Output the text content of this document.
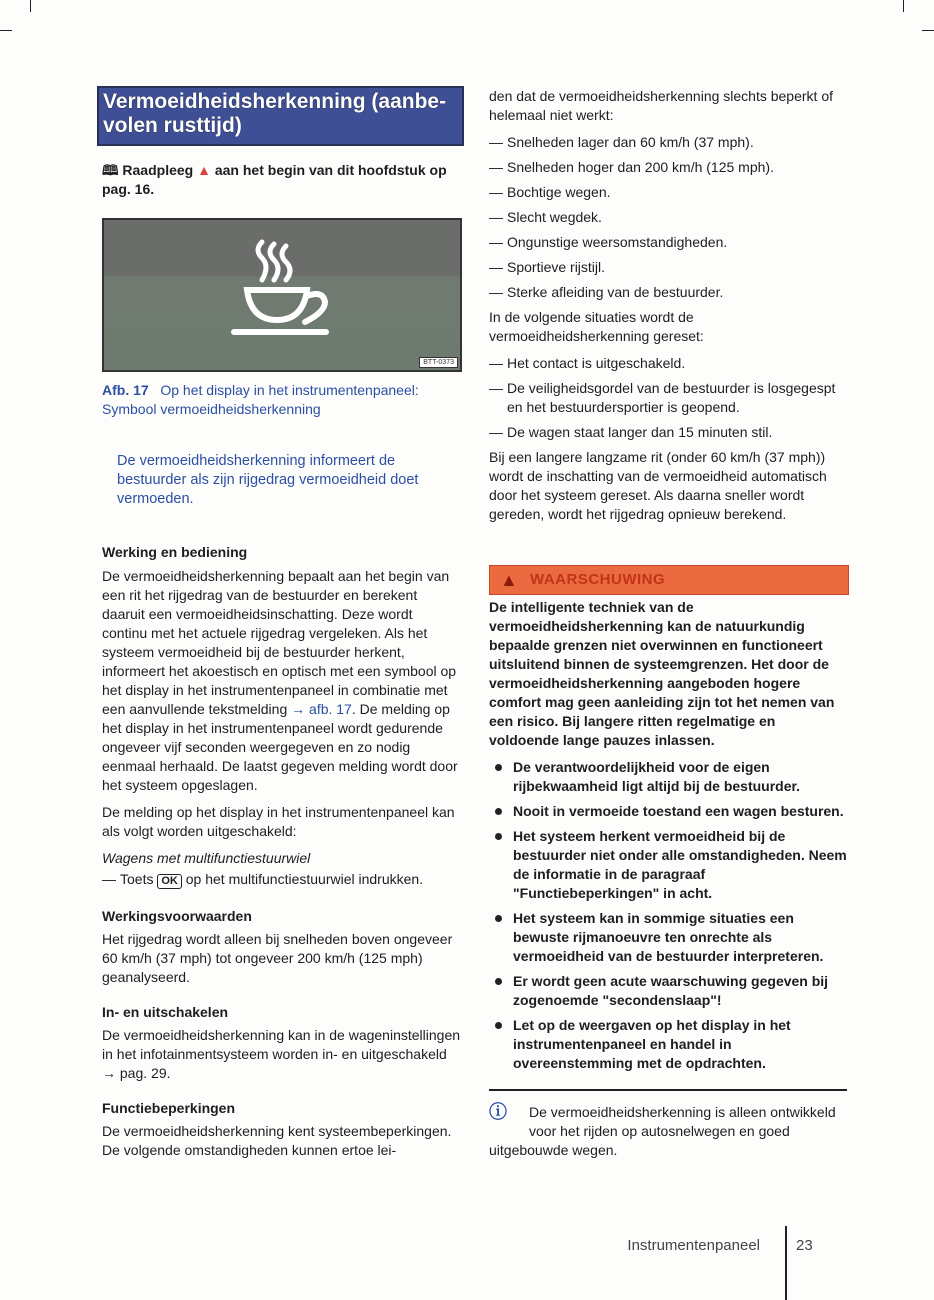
Vermoeidheidsherkenning (aanbe-
volen rusttijd)
🕮 Raadpleeg ▲ aan het begin van dit hoofdstuk op pag. 16.
BTT-0373
Afb. 17 Op het display in het instrumentenpaneel: Symbool vermoeidheidsherkenning
De vermoeidheidsherkenning informeert de bestuurder als zijn rijgedrag vermoeidheid doet vermoeden.
Werking en bediening
De vermoeidheidsherkenning bepaalt aan het begin van een rit het rijgedrag van de bestuurder en berekent daaruit een vermoeidheidsinschatting. Deze wordt continu met het actuele rijgedrag vergeleken. Als het systeem vermoeidheid bij de bestuurder herkent, informeert het akoestisch en optisch met een symbool op het display in het instrumentenpaneel in combinatie met een aanvullende tekstmelding → afb. 17. De melding op het display in het instrumentenpaneel wordt gedurende ongeveer vijf seconden weergegeven en zo nodig eenmaal herhaald. De laatst gegeven melding wordt door het systeem opgeslagen.
De melding op het display in het instrumentenpaneel kan als volgt worden uitgeschakeld:
Wagens met multifunctiestuurwiel
— Toets OK op het multifunctiestuurwiel indrukken.
Werkingsvoorwaarden
Het rijgedrag wordt alleen bij snelheden boven ongeveer 60 km/h (37 mph) tot ongeveer 200 km/h (125 mph) geanalyseerd.
In- en uitschakelen
De vermoeidheidsherkenning kan in de wageninstellingen in het infotainmentsysteem worden in- en uitgeschakeld → pag. 29.
Functiebeperkingen
De vermoeidheidsherkenning kent systeembeperkingen. De volgende omstandigheden kunnen ertoe lei-
den dat de vermoeidheidsherkenning slechts beperkt of helemaal niet werkt:
— Snelheden lager dan 60 km/h (37 mph).
— Snelheden hoger dan 200 km/h (125 mph).
— Bochtige wegen.
— Slecht wegdek.
— Ongunstige weersomstandigheden.
— Sportieve rijstijl.
— Sterke afleiding van de bestuurder.
In de volgende situaties wordt de vermoeidheidsherkenning gereset:
— Het contact is uitgeschakeld.
— De veiligheidsgordel van de bestuurder is losgegespt en het bestuurdersportier is geopend.
— De wagen staat langer dan 15 minuten stil.
Bij een langere langzame rit (onder 60 km/h (37 mph)) wordt de inschatting van de vermoeidheid automatisch door het systeem gereset. Als daarna sneller wordt gereden, wordt het rijgedrag opnieuw berekend.
▲ WAARSCHUWING
De intelligente techniek van de vermoeidheidsherkenning kan de natuurkundig bepaalde grenzen niet overwinnen en functioneert uitsluitend binnen de systeemgrenzen. Het door de vermoeidheidsherkenning aangeboden hogere comfort mag geen aanleiding zijn tot het nemen van een risico. Bij langere ritten regelmatige en voldoende lange pauzes inlassen.
De verantwoordelijkheid voor de eigen rijbekwaamheid ligt altijd bij de bestuurder.
Nooit in vermoeide toestand een wagen besturen.
Het systeem herkent vermoeidheid bij de bestuurder niet onder alle omstandigheden. Neem de informatie in de paragraaf "Functiebeperkingen" in acht.
Het systeem kan in sommige situaties een bewuste rijmanoeuvre ten onrechte als vermoeidheid van de bestuurder interpreteren.
Er wordt geen acute waarschuwing gegeven bij zogenoemde "secondenslaap"!
Let op de weergaven op het display in het instrumentenpaneel en handel in overeenstemming met de opdrachten.
ⓘ	De vermoeidheidsherkenning is alleen ontwikkeld voor het rijden op autosnelwegen en goed uitgebouwde wegen.
Instrumentenpaneel 23
